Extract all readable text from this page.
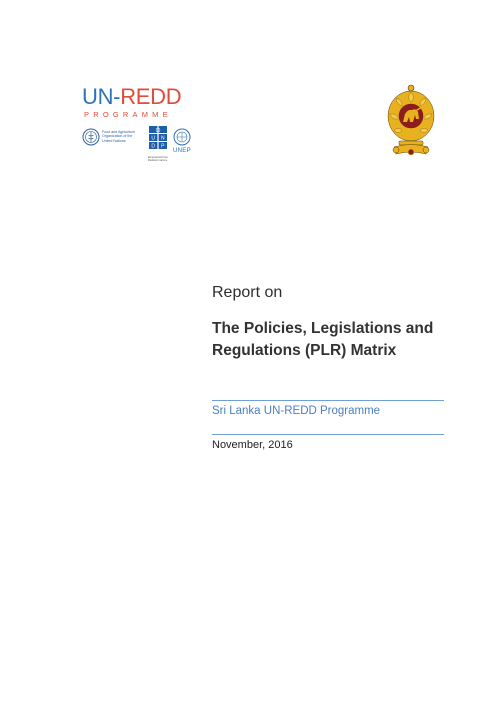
UN-REDD
PROGRAMME
Food and Agriculture
Organization of the
United Nations	U N
D P
Empowered lives.
Resilient nations.
UNEP
Report on
The Policies, Legislations and
Regulations (PLR) Matrix
Sri Lanka UN-REDD Programme
November, 2016
